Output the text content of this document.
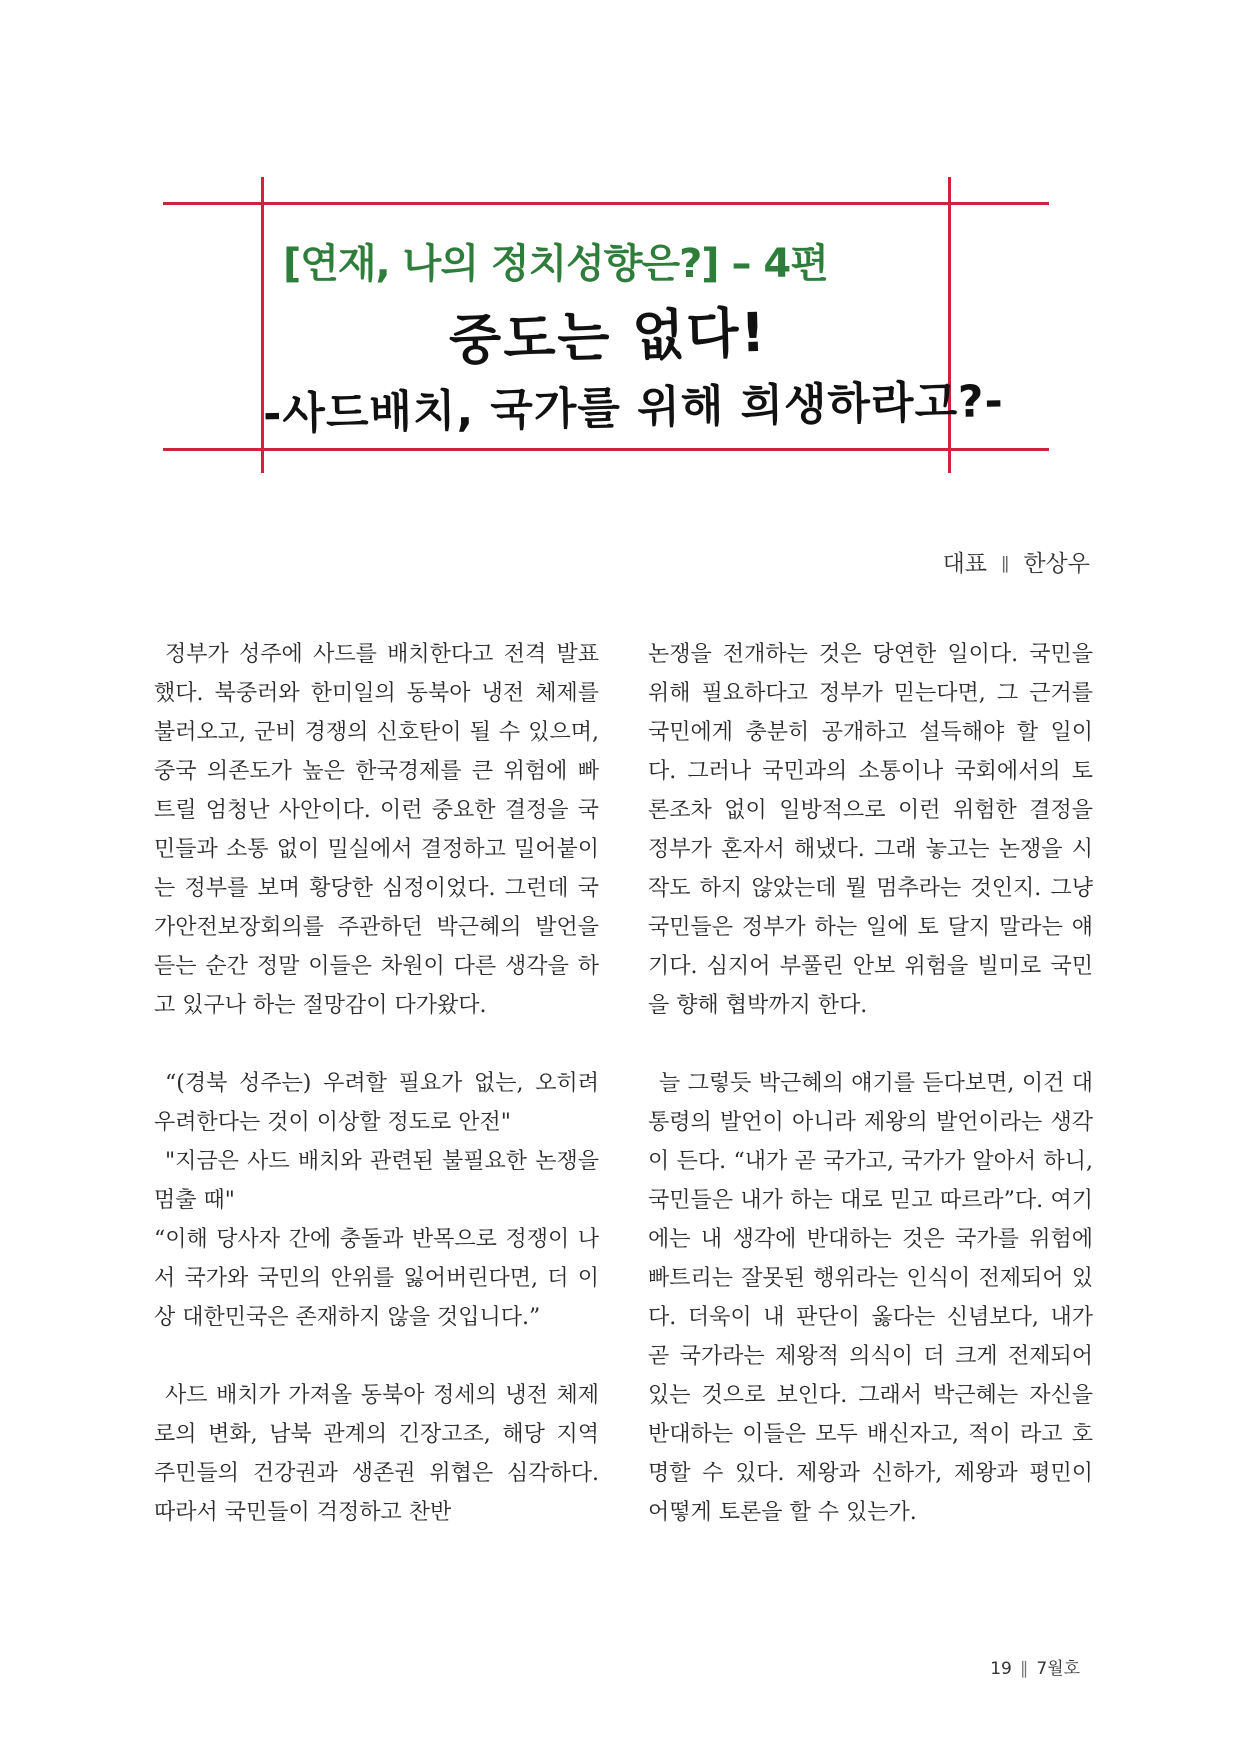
[연재, 나의 정치성향은?] – 4편
중도는 없다!
-사드배치, 국가를 위해 희생하라고?-
대표 ∥ 한상우

정부가 성주에 사드를 배치한다고 전격 발표했다. 북중러와 한미일의 동북아 냉전 체제를 불러오고, 군비 경쟁의 신호탄이 될 수 있으며, 중국 의존도가 높은 한국경제를 큰 위험에 빠트릴 엄청난 사안이다. 이런 중요한 결정을 국민들과 소통 없이 밀실에서 결정하고 밀어붙이는 정부를 보며 황당한 심정이었다. 그런데 국가안전보장회의를 주관하던 박근혜의 발언을 듣는 순간 정말 이들은 차원이 다른 생각을 하고 있구나 하는 절망감이 다가왔다.

“(경북 성주는) 우려할 필요가 없는, 오히려 우려한다는 것이 이상할 정도로 안전"

"지금은 사드 배치와 관련된 불필요한 논쟁을 멈출 때"

“이해 당사자 간에 충돌과 반목으로 정쟁이 나서 국가와 국민의 안위를 잃어버린다면, 더 이상 대한민국은 존재하지 않을 것입니다.”

사드 배치가 가져올 동북아 정세의 냉전 체제로의 변화, 남북 관계의 긴장고조, 해당 지역 주민들의 건강권과 생존권 위협은 심각하다. 따라서 국민들이 걱정하고 찬반

논쟁을 전개하는 것은 당연한 일이다. 국민을 위해 필요하다고 정부가 믿는다면, 그 근거를 국민에게 충분히 공개하고 설득해야 할 일이다. 그러나 국민과의 소통이나 국회에서의 토론조차 없이 일방적으로 이런 위험한 결정을 정부가 혼자서 해냈다. 그래 놓고는 논쟁을 시작도 하지 않았는데 뭘 멈추라는 것인지. 그냥 국민들은 정부가 하는 일에 토 달지 말라는 얘기다. 심지어 부풀린 안보 위험을 빌미로 국민을 향해 협박까지 한다.

늘 그렇듯 박근혜의 얘기를 듣다보면, 이건 대통령의 발언이 아니라 제왕의 발언이라는 생각이 든다. “내가 곧 국가고, 국가가 알아서 하니, 국민들은 내가 하는 대로 믿고 따르라”다. 여기에는 내 생각에 반대하는 것은 국가를 위험에 빠트리는 잘못된 행위라는 인식이 전제되어 있다. 더욱이 내 판단이 옳다는 신념보다, 내가 곧 국가라는 제왕적 의식이 더 크게 전제되어 있는 것으로 보인다. 그래서 박근혜는 자신을 반대하는 이들은 모두 배신자고, 적이 라고 호명할 수 있다. 제왕과 신하가, 제왕과 평민이 어떻게 토론을 할 수 있는가.

19 ∥ 7월호
